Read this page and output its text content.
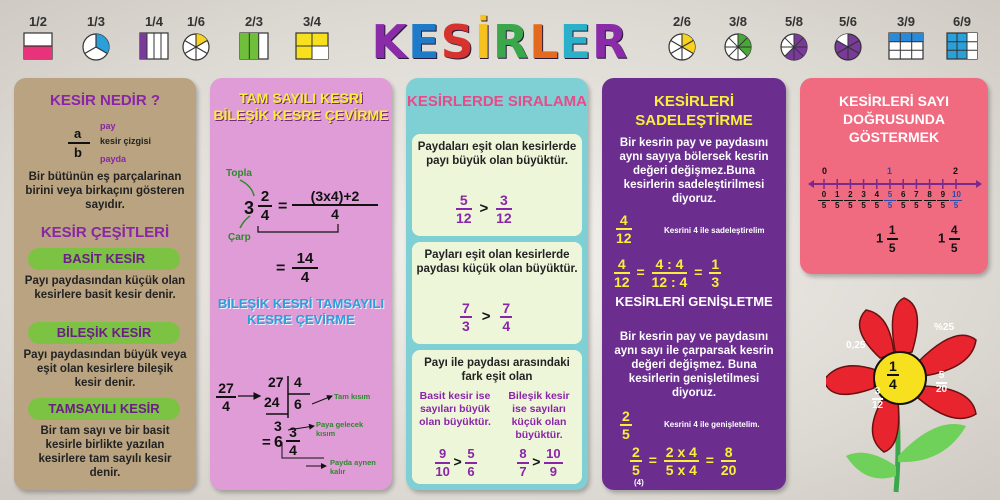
1/2	1/3	1/4	1/6	2/3	3/4 KESİRLER	2/6	3/8	5/8	5/6	3/9	6/9
KESİR NEDİR ?
a
b
pay
kesir çizgisi
payda
Bir bütünün eş parçalarinan birini veya birkaçını gösteren sayıdır.
KESİR ÇEŞİTLERİ
BASİT KESİR
Payı paydasından küçük olan kesirlere basit kesir denir.
BİLEŞİK KESİR
Payı paydasından büyük veya eşit olan kesirlere bileşik kesir denir.
TAMSAYILI KESİR
Bir tam sayı ve bir basit kesirle birlikte yazılan kesirlere tam sayılı kesir denir.
TAM SAYILI KESRİ BİLEŞİK KESRE ÇEVİRME
Topla
Çarp
$3 \frac{2}{4} = \frac{(3x4)+2}{4}$
= $\frac{14}{4}$
BİLEŞİK KESRİ TAMSAYILI KESRE ÇEVİRME
$\frac{27}{4} 27$ 4
24 6
3
Tam kısım
Paya gelecek kısım
= $6 \frac{3}{4}$
Payda aynen kalır
KESİRLERDE SIRALAMA
Paydaları eşit olan kesirlerde payı büyük olan büyüktür.
$\frac{5}{12} > \frac{3}{12}$
Payları eşit olan kesirlerde paydası küçük olan büyüktür.
$\frac{7}{3} > \frac{7}{4}$
Payı ile paydası arasındaki fark eşit olan
Basit kesir ise sayıları büyük olan büyüktür.
Bileşik kesir ise sayıları küçük olan büyüktür.
$\frac{9}{10} > \frac{5}{6}$	$\frac{8}{7} > \frac{10}{9}$
KESİRLERİ SADELEŞTİRME
Bir kesrin pay ve paydasını aynı sayıya bölersek kesrin değeri değişmez.Buna kesirlerin sadeleştirilmesi diyoruz.
$\frac{4}{12}$	Kesrini 4 ile sadeleştirelim
$\frac{4}{12} = \frac{4 : 4}{12 : 4} = \frac{1}{3}$
KESİRLERİ GENİŞLETME
Bir kesrin pay ve paydasını aynı sayı ile çarparsak kesrin değeri değişmez. Buna kesirlerin genişletilmesi diyoruz.
$\frac{2}{5}$	Kesrini 4 ile genişletelim.
$\frac{2}{5} = \frac{2 x 4}{5 x 4} = \frac{8}{20}$
(4)
KESİRLERİ SAYI DOĞRUSUNDA GÖSTERMEK
0	1	2
$\frac{0}{5} \frac{1}{5} \frac{2}{5} \frac{3}{5} \frac{4}{5} \frac{5}{5} \frac{6}{5} \frac{7}{5} \frac{8}{5} \frac{9}{5} \frac{10}{5}$
$1 \frac{1}{5}$	$1 \frac{4}{5}$
$\frac{1}{4}$
%25
0,25
$\frac{5}{20}$
$\frac{3}{12}$
